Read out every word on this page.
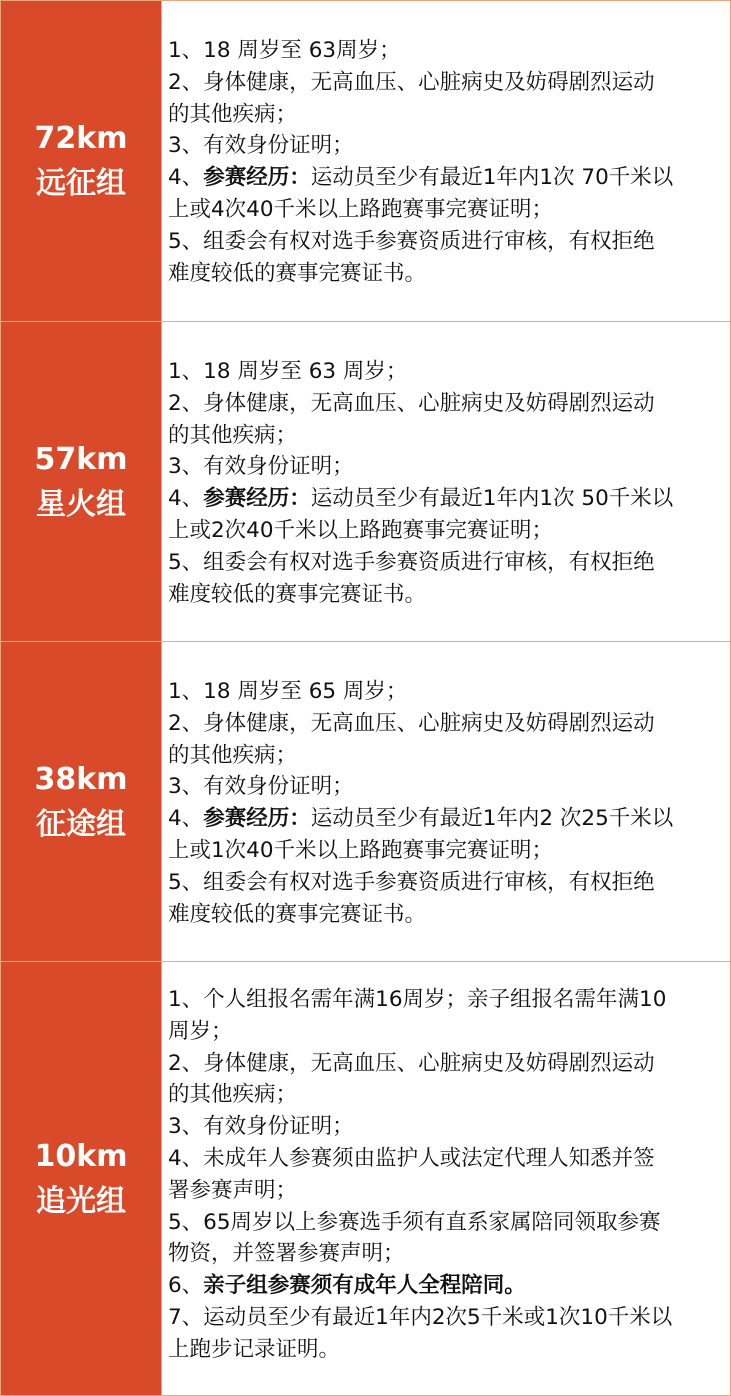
72km
远征组
1、18 周岁至 63周岁；
2、身体健康，无高血压、心脏病史及妨碍剧烈运动
的其他疾病；
3、有效身份证明；
4、参赛经历：运动员至少有最近1年内1次 70千米以
上或4次40千米以上路跑赛事完赛证明；
5、组委会有权对选手参赛资质进行审核，有权拒绝
难度较低的赛事完赛证书。
57km
星火组
1、18 周岁至 63 周岁；
2、身体健康，无高血压、心脏病史及妨碍剧烈运动
的其他疾病；
3、有效身份证明；
4、参赛经历：运动员至少有最近1年内1次 50千米以
上或2次40千米以上路跑赛事完赛证明；
5、组委会有权对选手参赛资质进行审核，有权拒绝
难度较低的赛事完赛证书。
38km
征途组
1、18 周岁至 65 周岁；
2、身体健康，无高血压、心脏病史及妨碍剧烈运动
的其他疾病；
3、有效身份证明；
4、参赛经历：运动员至少有最近1年内2 次25千米以
上或1次40千米以上路跑赛事完赛证明；
5、组委会有权对选手参赛资质进行审核，有权拒绝
难度较低的赛事完赛证书。
10km
追光组
1、个人组报名需年满16周岁；亲子组报名需年满10
周岁；
2、身体健康，无高血压、心脏病史及妨碍剧烈运动
的其他疾病；
3、有效身份证明；
4、未成年人参赛须由监护人或法定代理人知悉并签
署参赛声明；
5、65周岁以上参赛选手须有直系家属陪同领取参赛
物资，并签署参赛声明；
6、亲子组参赛须有成年人全程陪同。
7、运动员至少有最近1年内2次5千米或1次10千米以
上跑步记录证明。
